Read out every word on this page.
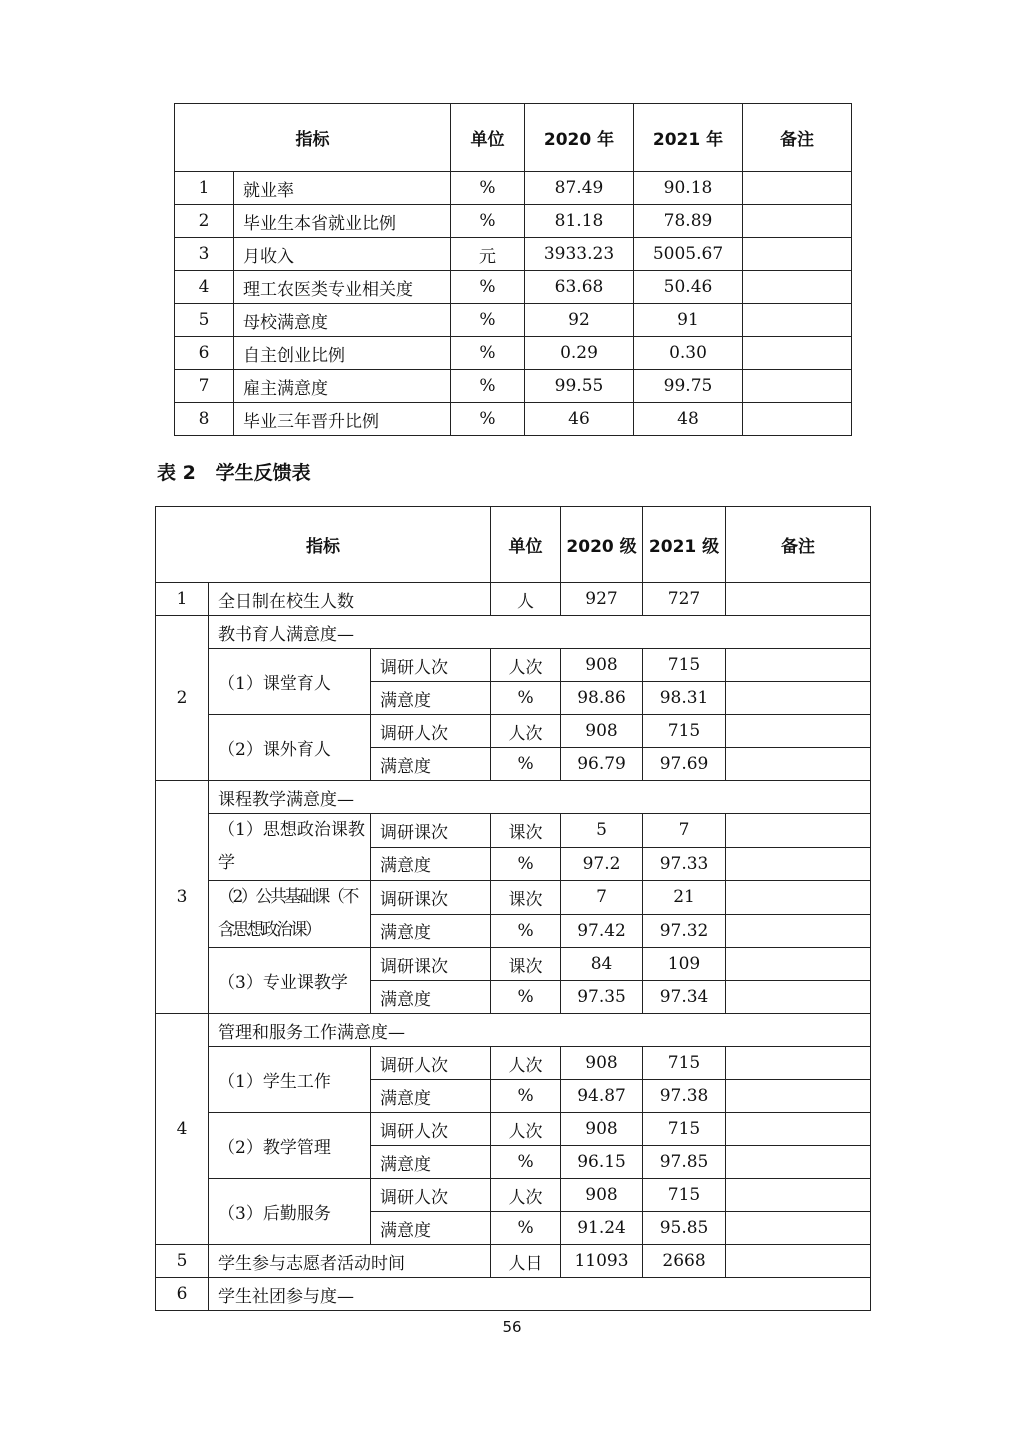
指标		单位	2020 年	2021 年	备注
1	就业率	%	87.49	90.18	
2	毕业生本省就业比例	%	81.18	78.89	
3	月收入	元	3933.23	5005.67	
4	理工农医类专业相关度	%	63.68	50.46	
5	母校满意度	%	92	91	
6	自主创业比例	%	0.29	0.30	
7	雇主满意度	%	99.55	99.75	
8	毕业三年晋升比例	%	46	48	
表 2   学生反馈表
指标			单位	2020 级	2021 级	备注
1	全日制在校生人数		人	927	727	
2	教书育人满意度—					
	（1）课堂育人	调研人次	人次	908	715	
		满意度	%	98.86	98.31	
	（2）课外育人	调研人次	人次	908	715	
		满意度	%	96.79	97.69	
3	课程教学满意度—					
	（1）思想政治课教学	调研课次	课次	5	7	
		满意度	%	97.2	97.33	
	（2）公共基础课（不含思想政治课）	调研课次	课次	7	21	
		满意度	%	97.42	97.32	
	（3）专业课教学	调研课次	课次	84	109	
		满意度	%	97.35	97.34	
4	管理和服务工作满意度—					
	（1）学生工作	调研人次	人次	908	715	
		满意度	%	94.87	97.38	
	（2）教学管理	调研人次	人次	908	715	
		满意度	%	96.15	97.85	
	（3）后勤服务	调研人次	人次	908	715	
		满意度	%	91.24	95.85	
5	学生参与志愿者活动时间		人日	11093	2668	
6	学生社团参与度—					
56
